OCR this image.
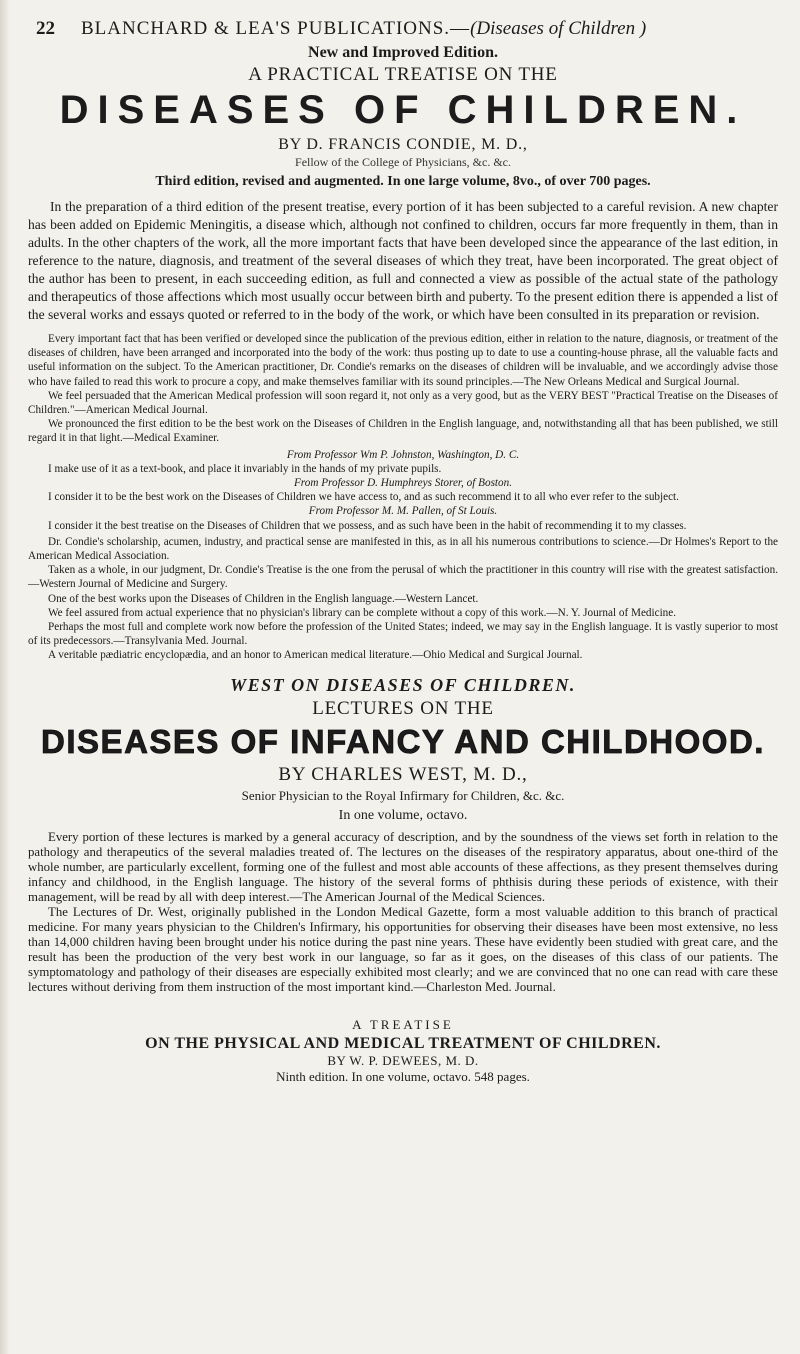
22 BLANCHARD & LEA'S PUBLICATIONS.— (Diseases of Children )
New and Improved Edition.
A PRACTICAL TREATISE ON THE
DISEASES OF CHILDREN.
BY D. FRANCIS CONDIE, M. D.,
Fellow of the College of Physicians, &c. &c.
Third edition, revised and augmented. In one large volume, 8vo., of over 700 pages.

In the preparation of a third edition of the present treatise, every portion of it has been subjected to a careful revision. A new chapter has been added on Epidemic Meningitis, a disease which, although not confined to children, occurs far more frequently in them, than in adults. In the other chapters of the work, all the more important facts that have been developed since the appearance of the last edition, in reference to the nature, diagnosis, and treatment of the several diseases of which they treat, have been incorporated. The great object of the author has been to present, in each succeeding edition, as full and connected a view as possible of the actual state of the pathology and therapeutics of those affections which most usually occur between birth and puberty. To the present edition there is appended a list of the several works and essays quoted or referred to in the body of the work, or which have been consulted in its preparation or revision.

Every important fact that has been verified or developed since the publication of the previous edition, either in relation to the nature, diagnosis, or treatment of the diseases of children, have been arranged and incorporated into the body of the work: thus posting up to date to use a counting-house phrase, all the valuable facts and useful information on the subject. To the American practitioner, Dr. Condie's remarks on the diseases of children will be invaluable, and we accordingly advise those who have failed to read this work to procure a copy, and make themselves familiar with its sound principles.—The New Orleans Medical and Surgical Journal.

We feel persuaded that the American Medical profession will soon regard it, not only as a very good, but as the VERY BEST "Practical Treatise on the Diseases of Children."—American Medical Journal.

We pronounced the first edition to be the best work on the Diseases of Children in the English language, and, notwithstanding all that has been published, we still regard it in that light.—Medical Examiner.

From Professor Wm P. Johnston, Washington, D. C.

I make use of it as a text-book, and place it invariably in the hands of my private pupils.

From Professor D. Humphreys Storer, of Boston.

I consider it to be the best work on the Diseases of Children we have access to, and as such recommend it to all who ever refer to the subject.

From Professor M. M. Pallen, of St Louis.

I consider it the best treatise on the Diseases of Children that we possess, and as such have been in the habit of recommending it to my classes.

Dr. Condie's scholarship, acumen, industry, and practical sense are manifested in this, as in all his numerous contributions to science.—Dr Holmes's Report to the American Medical Association.

Taken as a whole, in our judgment, Dr. Condie's Treatise is the one from the perusal of which the practitioner in this country will rise with the greatest satisfaction.—Western Journal of Medicine and Surgery.

One of the best works upon the Diseases of Children in the English language.—Western Lancet.

We feel assured from actual experience that no physician's library can be complete without a copy of this work.—N. Y. Journal of Medicine.

Perhaps the most full and complete work now before the profession of the United States; indeed, we may say in the English language. It is vastly superior to most of its predecessors.—Transylvania Med. Journal.

A veritable pædiatric encyclopædia, and an honor to American medical literature.—Ohio Medical and Surgical Journal.

WEST ON DISEASES OF CHILDREN.
LECTURES ON THE
DISEASES OF INFANCY AND CHILDHOOD.
BY CHARLES WEST, M. D.,
Senior Physician to the Royal Infirmary for Children, &c. &c.
In one volume, octavo.

Every portion of these lectures is marked by a general accuracy of description, and by the soundness of the views set forth in relation to the pathology and therapeutics of the several maladies treated of. The lectures on the diseases of the respiratory apparatus, about one-third of the whole number, are particularly excellent, forming one of the fullest and most able accounts of these affections, as they present themselves during infancy and childhood, in the English language. The history of the several forms of phthisis during these periods of existence, with their management, will be read by all with deep interest.—The American Journal of the Medical Sciences.

The Lectures of Dr. West, originally published in the London Medical Gazette, form a most valuable addition to this branch of practical medicine. For many years physician to the Children's Infirmary, his opportunities for observing their diseases have been most extensive, no less than 14,000 children having been brought under his notice during the past nine years. These have evidently been studied with great care, and the result has been the production of the very best work in our language, so far as it goes, on the diseases of this class of our patients. The symptomatology and pathology of their diseases are especially exhibited most clearly; and we are convinced that no one can read with care these lectures without deriving from them instruction of the most important kind.—Charleston Med. Journal.

A TREATISE
ON THE PHYSICAL AND MEDICAL TREATMENT OF CHILDREN.
BY W. P. DEWEES, M. D.
Ninth edition. In one volume, octavo. 548 pages.
